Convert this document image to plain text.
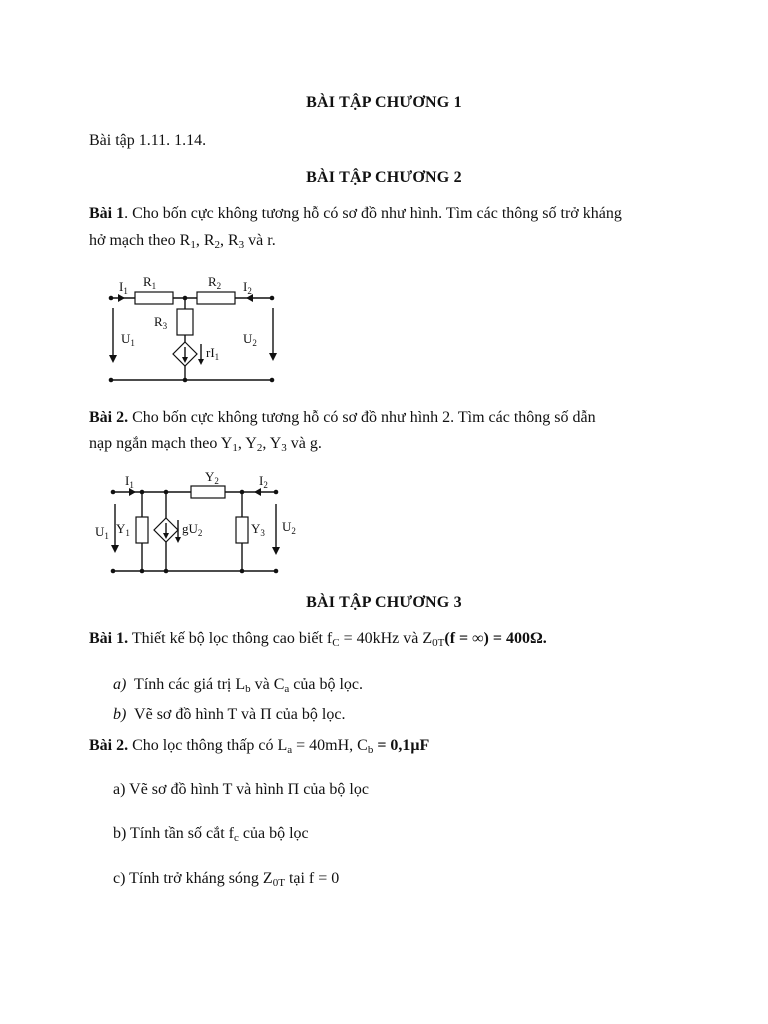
BÀI TẬP CHƯƠNG 1
Bài tập 1.11. 1.14.
BÀI TẬP CHƯƠNG 2
Bài 1. Cho bốn cực không tương hỗ có sơ đồ như hình. Tìm các thông số trở kháng
hở mạch theo $R_1$, $R_2$, $R_3$ và r.
$I_1$
$R_1$	$R_2$ $I_2$
$R_3$
$U_1$	$U_2$
$rI_1$
Bài 2. Cho bốn cực không tương hỗ có sơ đồ như hình 2. Tìm các thông số dẫn
nạp ngắn mạch theo $Y_1$, $Y_2$, $Y_3$ và g.
$I_1$
$Y_2$	$I_2$
$U_1$ $Y_1$	$gU_2$	$Y_3$ $U_2$
BÀI TẬP CHƯƠNG 3
Bài 1. Thiết kế bộ lọc thông cao biết $f_C = 40kHz$ và $Z_{0T}(f$ = ∞) = 400Ω.
a) Tính các giá trị $L_b$ và $C_a$ của bộ lọc.
b) Vẽ sơ đồ hình T và Π của bộ lọc.
Bài 2. Cho lọc thông thấp có $L_a = 40mH$, $C_b = 0,1\mu F$
a) Vẽ sơ đồ hình T và hình Π của bộ lọc
b) Tính tần số cắt $f_c$ của bộ lọc
c) Tính trở kháng sóng $Z_{0T}$ tại f = 0
